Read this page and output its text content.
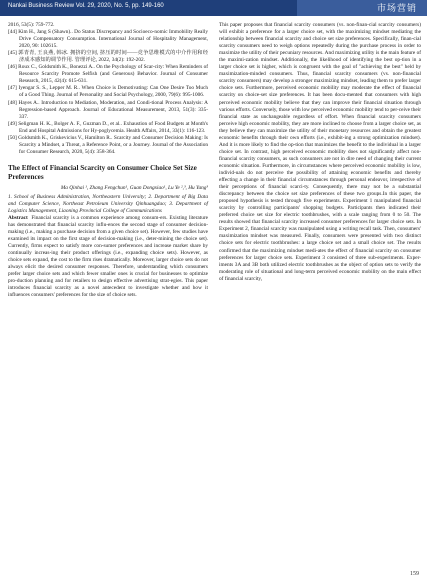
Nankai Business Review Vol. 29, 2020, No. 5, pp. 149-160	市场营销
2016, 53(5): 759-772.
[44] Kim H., Jang S (Shawn).. Do Status Discrepancy and Socioeco-nomic Immobility Really Drive Compensatory Consumption. International Journal of Hospitality Management, 2020, 90: 102615.
[45] 郭青青, 王良燕, 韩冰. 拥挤的空间, 挤压的时间——竞争思维模式的中介作用和经济成本感知的调节作用. 管理评论, 2022, 34(2): 192-202.
[46] Roux C., Goldsmith K., Bonezzi A.. On the Psychology of Scar-city: When Reminders of Resource Scarcity Promote Selfish (and Generous) Behavior. Journal of Consumer Research, 2015, 42(4): 615-631.
[47] Iyengar S. S., Lepper M. R.. When Choice is Demotivating: Can One Desire Too Much of a Good Thing. Journal of Personality and Social Psychology, 2000, 79(6): 995-1006.
[48] Hayes A.. Introduction to Mediation, Moderation, and Condi-tional Process Analysis: A Regression-based Approach. Journal of Educational Measurement, 2013, 51(3): 335-337.
[49] Seligman H. K., Bolger A. F., Guzman D., et al.. Exhaustion of Food Budgets at Month's End and Hospital Admissions for Hy-poglycemia. Health Affairs, 2014, 33(1): 116-123.
[50] Goldsmith K., Griskevicius V., Hamilton R.. Scarcity and Consumer Decision Making: Is Scarcity a Mindset, a Threat, a Reference Point, or a Journey. Journal of the Association for Consumer Research, 2020, 5(4): 358-364.
The Effect of Financial Scarcity on Consumer Choice Set Size Preferences
Ma Qinhai ¹, Zhang Fengchun¹, Guan Dongxiao¹, Lu Ye ²,³, Hu Yang³
1. School of Business Administration, Northeastern University; 2. Department of Big Data and Computer Science, Northeast Petroleum University Qinhuangdao; 3. Department of Logistics Management, Liaoning Provincial College of Communications

Abstract Financial scarcity is a common experience among consum-ers. Existing literature has demonstrated that financial scarcity influ-ences the second stage of consumer decision-making (i.e., making a purchase decision from a given choice set). However, few studies have examined its impact on the first stage of decision-making (i.e., deter-mining the choice set). Currently, firms expect to satisfy more con-sumer preferences and increase market share by continually increas-ing their product offerings (i.e., expanding choice sets). However, as choice sets expand, the cost to the firm rises dramatically. Moreover, larger choice sets do not always elicit the desired consumer responses. Therefore, understanding which consumers prefer larger choice sets and which fewer smaller ones is crucial for businesses to optimize pro-duction planning and for retailers to design effective advertising strat-egies. This paper introduces financial scarcity as a novel antecedent to investigate whether and how it influences consumers' preferences for the size of choice sets.

This paper proposes that financial scarcity consumers (vs. non-finan-cial scarcity consumers) will exhibit a preference for a larger choice set, with the maximizing mindset mediating the relationship between financial scarcity and choice set size preferences. Specifically, finan-cial scarcity consumers need to weigh options repeatedly during the purchase process in order to maximize the utility of their pecuniary resources. And maximizing utility is the main feature of the maximi-zation mindset. Additionally, the likelihood of identifying the best op-tion in a larger choice set is higher, which is congruent with the goal of "achieving the best" held by maximization-minded consumers. Thus, financial scarcity consumers (vs. non-financial scarcity consumers) may develop a stronger maximizing mindset, leading them to prefer larger choice sets. Furthermore, perceived economic mobility may moderate the effect of financial scarcity on choice-set size preferences. It has been docu-mented that consumers with high perceived economic mobility believe that they can improve their financial situation through various efforts. Conversely, those with low perceived economic mobility tend to per-ceive their financial state as unchangeable regardless of effort. When financial scarcity consumers perceive high economic mobility, they are more inclined to choose from a larger choice set, as they believe they can maximize the utility of their monetary resources and obtain the greatest economic benefits through their own efforts (i.e., exhibit-ing a strong optimization mindset). And it is more likely to find the op-tion that maximizes the benefit to the individual in a larger choice set. In contrast, high perceived economic mobility does not significantly affect non-financial scarcity consumers, as such consumers are not in dire need of changing their current economic situation. Furthermore, in circumstances where perceived economic mobility is low, individ-uals do not perceive the possibility of attaining economic benefits and thereby effecting a change in their financial circumstances through personal endeavor, irrespective of their perceptions of financial scarci-ty. Consequently, there may not be a substantial discrepancy between the choice set size preferences of these two groups.In this paper, the proposed hypothesis is tested through five experiments. Experiment 1 manipulated financial scarcity by controlling participants' shopping budgets. Participants then indicated their preferred choice set size for electric toothbrushes, with a scale ranging from 0 to 50. The results showed that financial scarcity increased consumer preferences for larger choice sets. In Experiment 2, financial scarcity was manipulated using a writing recall task. Then, consumers' maximization mindset was measured. Finally, consumers were presented with two distinct choice sets for electric toothbrushes: a large choice set and a small choice set. The results confirmed that the maximizing mindset medi-ates the effect of financial scarcity on consumer preferences for larger choice sets. Experiment 3 consisted of three sub-experiments. Exper-iments 3A and 3B both utilized electric toothbrushes as the object of option sets to verify the moderating role of situational and long-term perceived economic mobility on the main effect of financial scarcity,

159
